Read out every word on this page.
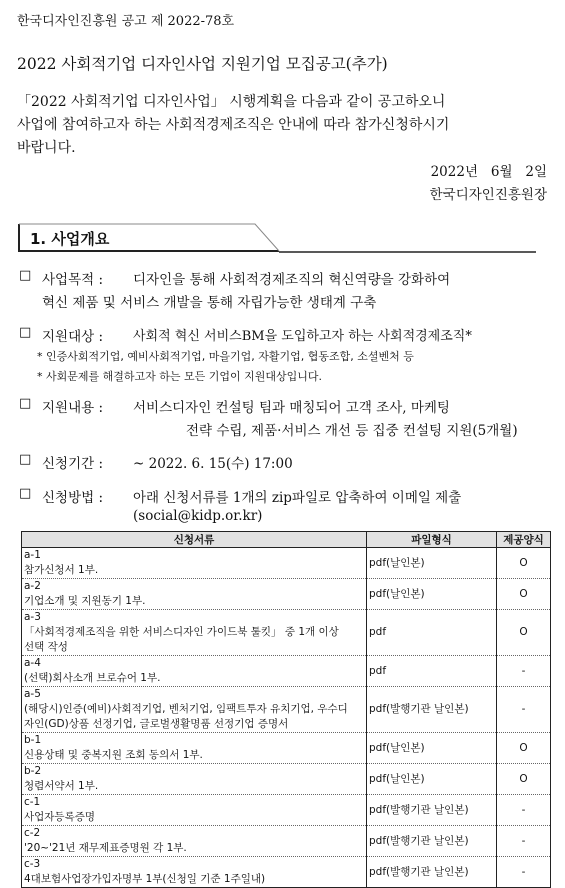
한국디자인진흥원 공고 제 2022-78호
2022 사회적기업 디자인사업 지원기업 모집공고(추가)
「2022 사회적기업 디자인사업」 시행계획을 다음과 같이 공고하오니
사업에 참여하고자 하는 사회적경제조직은 안내에 따라 참가신청하시기
바랍니다.
2022년   6월   2일
한국디자인진흥원장
1. 사업개요
□ 사업목적 : 디자인을 통해 사회적경제조직의 혁신역량을 강화하여
혁신 제품 및 서비스 개발을 통해 자립가능한 생태계 구축
□ 지원대상 : 사회적 혁신 서비스BM을 도입하고자 하는 사회적경제조직*
* 인증사회적기업, 예비사회적기업, 마을기업, 자활기업, 협동조합, 소셜벤처 등
* 사회문제를 해결하고자 하는 모든 기업이 지원대상입니다.
□ 지원내용 : 서비스디자인 컨설팅 팀과 매칭되어 고객 조사, 마케팅
전략 수립, 제품·서비스 개선 등 집중 컨설팅 지원(5개월)
□ 신청기간 : ~ 2022. 6. 15(수) 17:00
□ 신청방법 : 아래 신청서류를 1개의 zip파일로 압축하여 이메일 제출
(social@kidp.or.kr)
신청서류	파일형식	제공양식
a-1참가신청서 1부.	pdf(날인본)	O
a-2기업소개 및 지원동기 1부.	pdf(날인본)	O
a-3「사회적경제조직을 위한 서비스디자인 가이드북 툴킷」 중 1개 이상 선택 작성	pdf	O
a-4(선택)회사소개 브로슈어 1부.	pdf	-
a-5(해당시)인증(예비)사회적기업, 벤처기업, 임팩트투자 유치기업, 우수디자인(GD)상품 선정기업, 글로벌생활명품 선정기업 증명서	pdf(발행기관 날인본)	-
b-1신용상태 및 중복지원 조회 동의서 1부.	pdf(날인본)	O
b-2청렴서약서 1부.	pdf(날인본)	O
c-1사업자등록증명	pdf(발행기관 날인본)	-
c-2'20~'21년 재무제표증명원 각 1부.	pdf(발행기관 날인본)	-
c-34대보험사업장가입자명부 1부(신청일 기준 1주일내)	pdf(발행기관 날인본)	-
